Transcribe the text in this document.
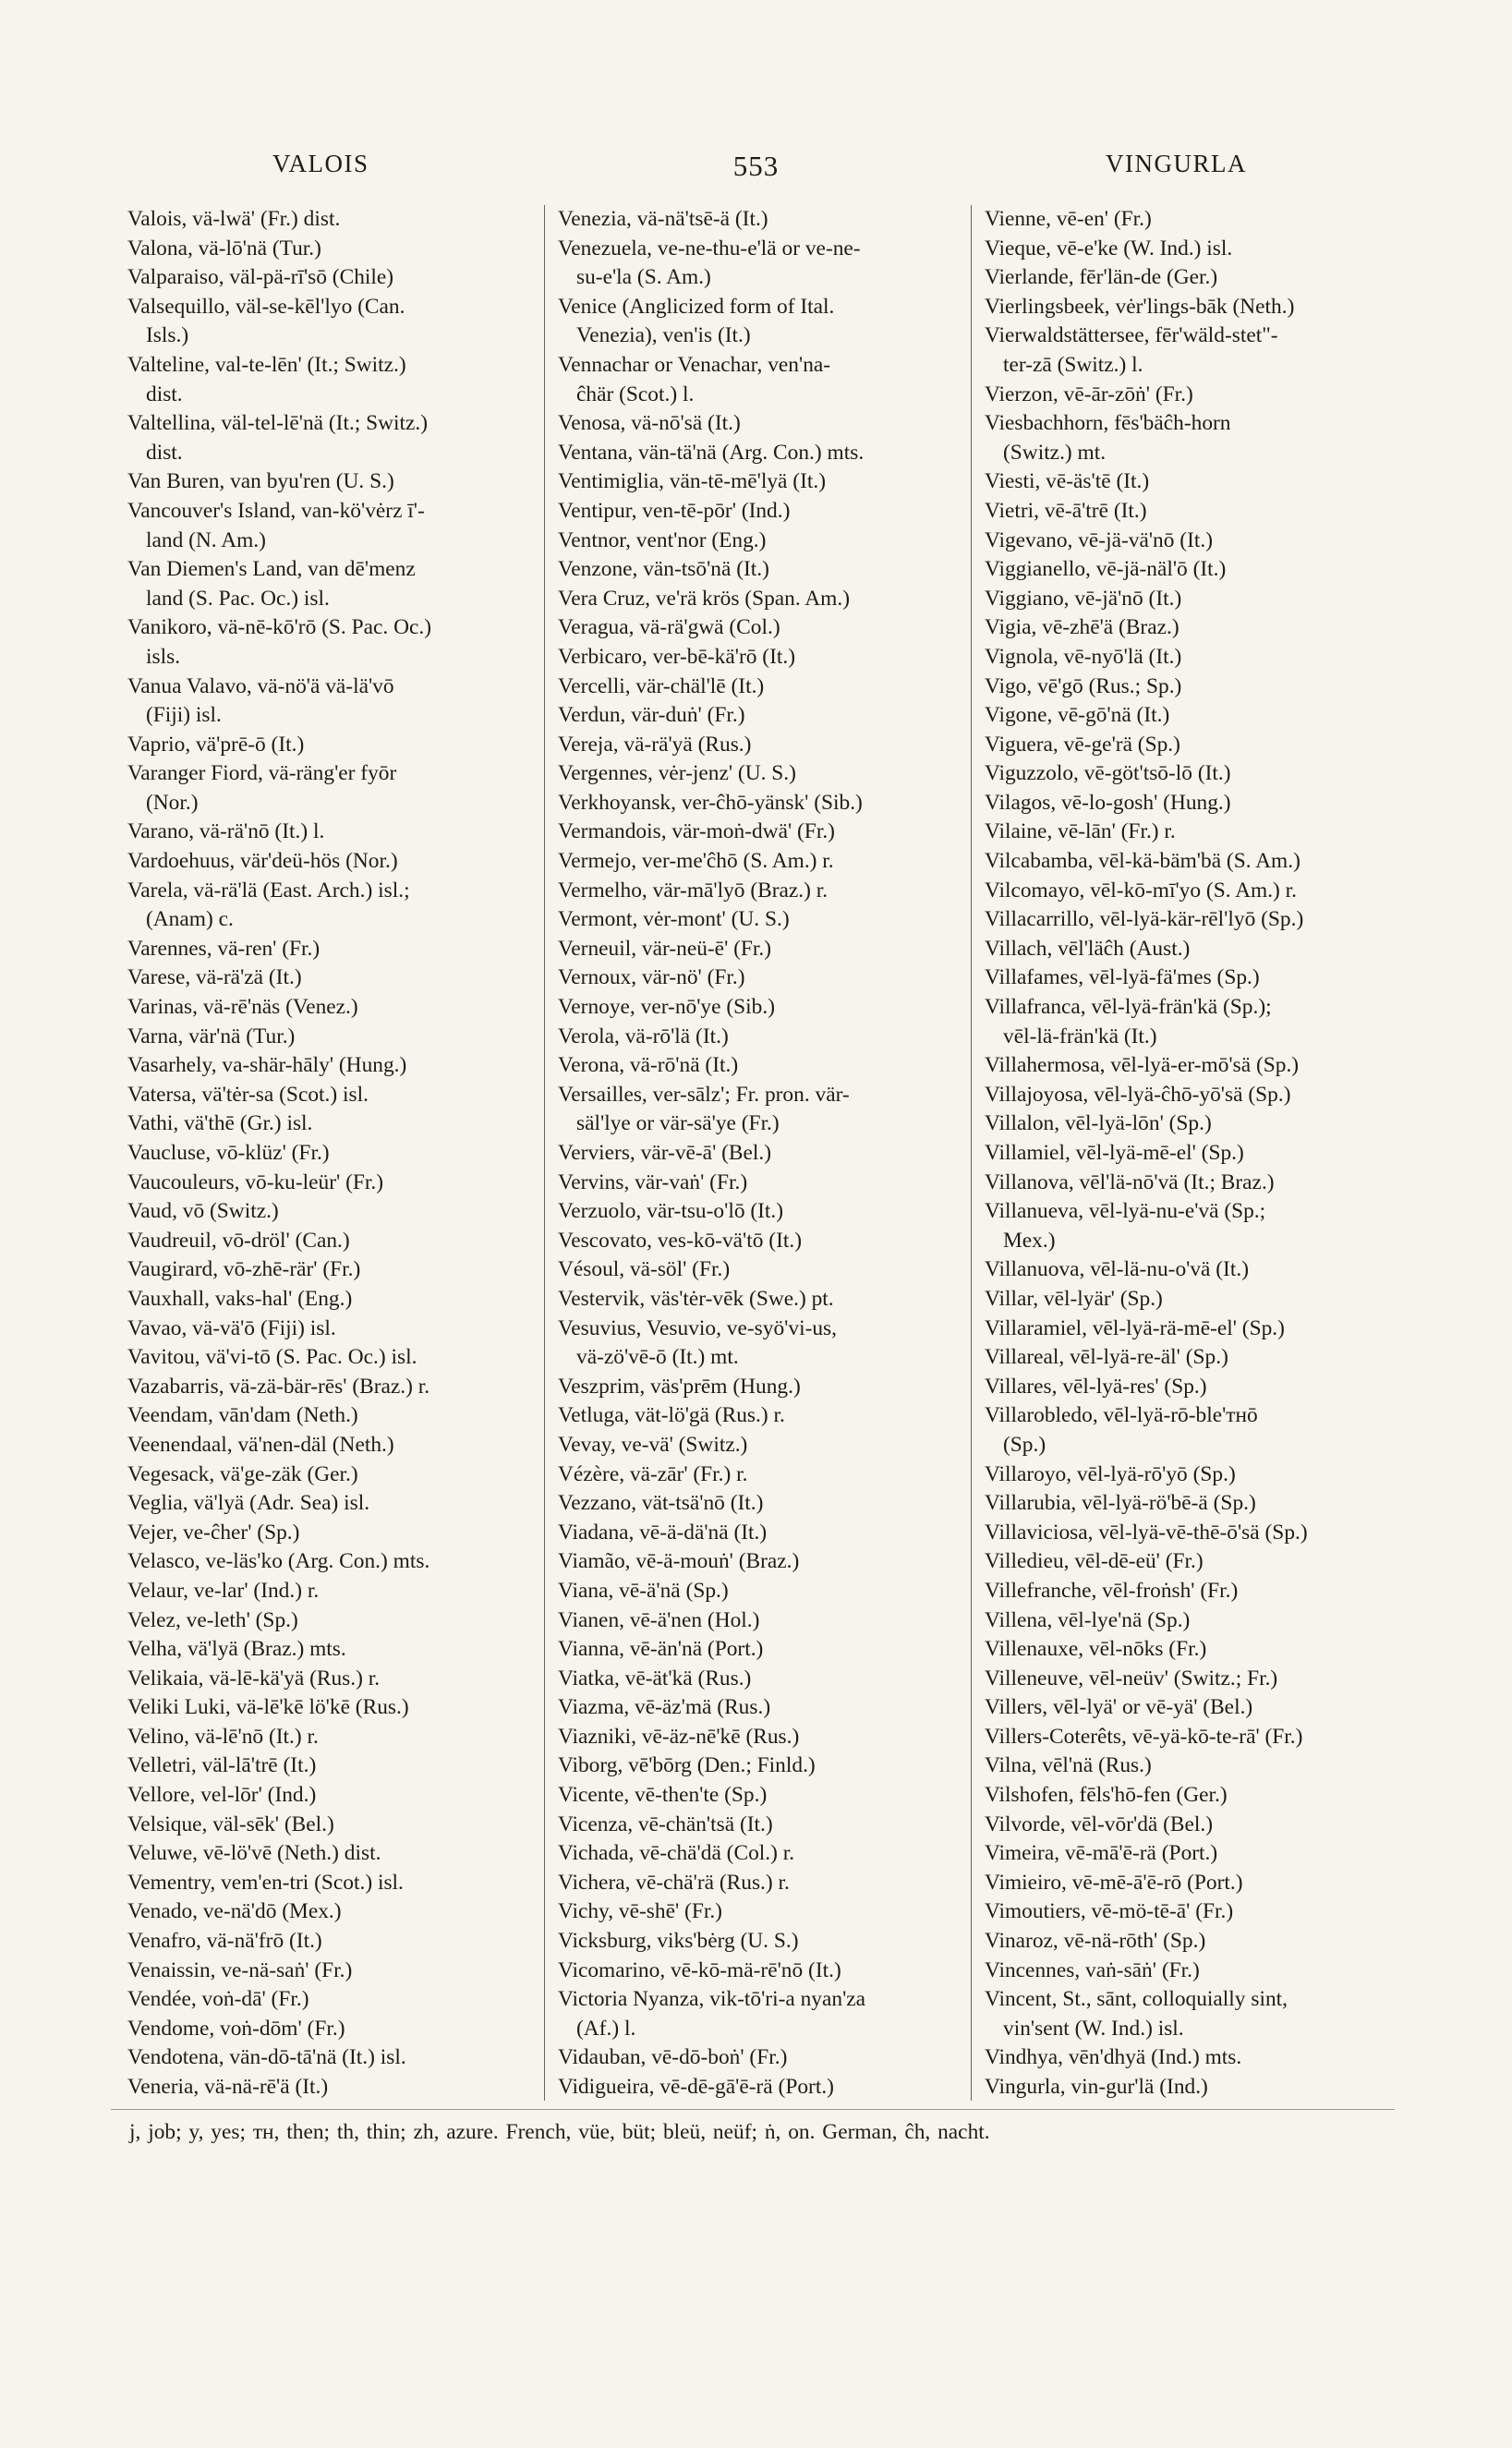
VALOIS	553	VINGURLA
Valois, vä-lwä' (Fr.) dist.
Valona, vä-lō'nä (Tur.)
Valparaiso, väl-pä-rī'sō (Chile)
Valsequillo, väl-se-kēl'lyo (Can.
Isls.)
Valteline, val-te-lēn' (It.; Switz.)
dist.
Valtellina, väl-tel-lē'nä (It.; Switz.)
dist.
Van Buren, van byu'ren (U. S.)
Vancouver's Island, van-kö'vėrz ī'-
land (N. Am.)
Van Diemen's Land, van dē'menz
land (S. Pac. Oc.) isl.
Vanikoro, vä-nē-kō'rō (S. Pac. Oc.)
isls.
Vanua Valavo, vä-nö'ä vä-lä'vō
(Fiji) isl.
Vaprio, vä'prē-ō (It.)
Varanger Fiord, vä-räng'er fyōr
(Nor.)
Varano, vä-rä'nō (It.) l.
Vardoehuus, vär'deü-hös (Nor.)
Varela, vä-rä'lä (East. Arch.) isl.;
(Anam) c.
Varennes, vä-ren' (Fr.)
Varese, vä-rä'zä (It.)
Varinas, vä-rē'näs (Venez.)
Varna, vär'nä (Tur.)
Vasarhely, va-shär-hāly' (Hung.)
Vatersa, vä'tėr-sa (Scot.) isl.
Vathi, vä'thē (Gr.) isl.
Vaucluse, vō-klüz' (Fr.)
Vaucouleurs, vō-ku-leür' (Fr.)
Vaud, vō (Switz.)
Vaudreuil, vō-dröl' (Can.)
Vaugirard, vō-zhē-rär' (Fr.)
Vauxhall, vaks-hal' (Eng.)
Vavao, vä-vä'ō (Fiji) isl.
Vavitou, vä'vi-tō (S. Pac. Oc.) isl.
Vazabarris, vä-zä-bär-rēs' (Braz.) r.
Veendam, vān'dam (Neth.)
Veenendaal, vä'nen-däl (Neth.)
Vegesack, vä'ge-zäk (Ger.)
Veglia, vä'lyä (Adr. Sea) isl.
Vejer, ve-ĉher' (Sp.)
Velasco, ve-läs'ko (Arg. Con.) mts.
Velaur, ve-lar' (Ind.) r.
Velez, ve-leth' (Sp.)
Velha, vä'lyä (Braz.) mts.
Velikaia, vä-lē-kä'yä (Rus.) r.
Veliki Luki, vä-lē'kē lö'kē (Rus.)
Velino, vä-lē'nō (It.) r.
Velletri, väl-lā'trē (It.)
Vellore, vel-lōr' (Ind.)
Velsique, väl-sēk' (Bel.)
Veluwe, vē-lö'vē (Neth.) dist.
Vementry, vem'en-tri (Scot.) isl.
Venado, ve-nä'dō (Mex.)
Venafro, vä-nä'frō (It.)
Venaissin, ve-nä-saṅ' (Fr.)
Vendée, voṅ-dā' (Fr.)
Vendome, voṅ-dōm' (Fr.)
Vendotena, vän-dō-tā'nä (It.) isl.
Veneria, vä-nä-rē'ä (It.)
Venezia, vä-nä'tsē-ä (It.)
Venezuela, ve-ne-thu-e'lä or ve-ne-
su-e'la (S. Am.)
Venice (Anglicized form of Ital.
Venezia), ven'is (It.)
Vennachar or Venachar, ven'na-
ĉhär (Scot.) l.
Venosa, vä-nō'sä (It.)
Ventana, vän-tä'nä (Arg. Con.) mts.
Ventimiglia, vän-tē-mē'lyä (It.)
Ventipur, ven-tē-pōr' (Ind.)
Ventnor, vent'nor (Eng.)
Venzone, vän-tsō'nä (It.)
Vera Cruz, ve'rä krös (Span. Am.)
Veragua, vä-rä'gwä (Col.)
Verbicaro, ver-bē-kä'rō (It.)
Vercelli, vär-chäl'lē (It.)
Verdun, vär-duṅ' (Fr.)
Vereja, vä-rä'yä (Rus.)
Vergennes, vėr-jenz' (U. S.)
Verkhoyansk, ver-ĉhō-yänsk' (Sib.)
Vermandois, vär-moṅ-dwä' (Fr.)
Vermejo, ver-me'ĉhō (S. Am.) r.
Vermelho, vär-mā'lyō (Braz.) r.
Vermont, vėr-mont' (U. S.)
Verneuil, vär-neü-ē' (Fr.)
Vernoux, vär-nö' (Fr.)
Vernoye, ver-nō'ye (Sib.)
Verola, vä-rō'lä (It.)
Verona, vä-rō'nä (It.)
Versailles, ver-sālz'; Fr. pron. vär-
säl'lye or vär-sä'ye (Fr.)
Verviers, vär-vē-ā' (Bel.)
Vervins, vär-vaṅ' (Fr.)
Verzuolo, vär-tsu-o'lō (It.)
Vescovato, ves-kō-vä'tō (It.)
Vésoul, vä-söl' (Fr.)
Vestervik, väs'tėr-vēk (Swe.) pt.
Vesuvius, Vesuvio, ve-syö'vi-us,
vä-zö'vē-ō (It.) mt.
Veszprim, väs'prēm (Hung.)
Vetluga, vät-lö'gä (Rus.) r.
Vevay, ve-vä' (Switz.)
Vézère, vä-zār' (Fr.) r.
Vezzano, vät-tsä'nō (It.)
Viadana, vē-ä-dä'nä (It.)
Viamão, vē-ä-mouṅ' (Braz.)
Viana, vē-ä'nä (Sp.)
Vianen, vē-ä'nen (Hol.)
Vianna, vē-än'nä (Port.)
Viatka, vē-ät'kä (Rus.)
Viazma, vē-äz'mä (Rus.)
Viazniki, vē-äz-nē'kē (Rus.)
Viborg, vē'bōrg (Den.; Finld.)
Vicente, vē-then'te (Sp.)
Vicenza, vē-chän'tsä (It.)
Vichada, vē-chä'dä (Col.) r.
Vichera, vē-chä'rä (Rus.) r.
Vichy, vē-shē' (Fr.)
Vicksburg, viks'bėrg (U. S.)
Vicomarino, vē-kō-mä-rē'nō (It.)
Victoria Nyanza, vik-tō'ri-a nyan'za
(Af.) l.
Vidauban, vē-dō-boṅ' (Fr.)
Vidigueira, vē-dē-gā'ē-rä (Port.)
Vienne, vē-en' (Fr.)
Vieque, vē-e'ke (W. Ind.) isl.
Vierlande, fēr'län-de (Ger.)
Vierlingsbeek, vėr'lings-bāk (Neth.)
Vierwaldstättersee, fēr'wäld-stet"-
ter-zā (Switz.) l.
Vierzon, vē-ār-zōṅ' (Fr.)
Viesbachhorn, fēs'bäĉh-horn
(Switz.) mt.
Viesti, vē-äs'tē (It.)
Vietri, vē-ā'trē (It.)
Vigevano, vē-jä-vä'nō (It.)
Viggianello, vē-jä-näl'ō (It.)
Viggiano, vē-jä'nō (It.)
Vigia, vē-zhē'ä (Braz.)
Vignola, vē-nyō'lä (It.)
Vigo, vē'gō (Rus.; Sp.)
Vigone, vē-gō'nä (It.)
Viguera, vē-ge'rä (Sp.)
Viguzzolo, vē-göt'tsō-lō (It.)
Vilagos, vē-lo-gosh' (Hung.)
Vilaine, vē-lān' (Fr.) r.
Vilcabamba, vēl-kä-bäm'bä (S. Am.)
Vilcomayo, vēl-kō-mī'yo (S. Am.) r.
Villacarrillo, vēl-lyä-kär-rēl'lyō (Sp.)
Villach, vēl'läĉh (Aust.)
Villafames, vēl-lyä-fä'mes (Sp.)
Villafranca, vēl-lyä-frän'kä (Sp.);
vēl-lä-frän'kä (It.)
Villahermosa, vēl-lyä-er-mō'sä (Sp.)
Villajoyosa, vēl-lyä-ĉhō-yō'sä (Sp.)
Villalon, vēl-lyä-lōn' (Sp.)
Villamiel, vēl-lyä-mē-el' (Sp.)
Villanova, vēl'lä-nō'vä (It.; Braz.)
Villanueva, vēl-lyä-nu-e'vä (Sp.;
Mex.)
Villanuova, vēl-lä-nu-o'vä (It.)
Villar, vēl-lyär' (Sp.)
Villaramiel, vēl-lyä-rä-mē-el' (Sp.)
Villareal, vēl-lyä-re-äl' (Sp.)
Villares, vēl-lyä-res' (Sp.)
Villarobledo, vēl-lyä-rō-ble'ᴛʜō
(Sp.)
Villaroyo, vēl-lyä-rō'yō (Sp.)
Villarubia, vēl-lyä-rö'bē-ä (Sp.)
Villaviciosa, vēl-lyä-vē-thē-ō'sä (Sp.)
Villedieu, vēl-dē-eü' (Fr.)
Villefranche, vēl-froṅsh' (Fr.)
Villena, vēl-lye'nä (Sp.)
Villenauxe, vēl-nōks (Fr.)
Villeneuve, vēl-neüv' (Switz.; Fr.)
Villers, vēl-lyä' or vē-yä' (Bel.)
Villers-Coterêts, vē-yä-kō-te-rā' (Fr.)
Vilna, vēl'nä (Rus.)
Vilshofen, fēls'hō-fen (Ger.)
Vilvorde, vēl-vōr'dä (Bel.)
Vimeira, vē-mā'ē-rä (Port.)
Vimieiro, vē-mē-ā'ē-rō (Port.)
Vimoutiers, vē-mö-tē-ā' (Fr.)
Vinaroz, vē-nä-rōth' (Sp.)
Vincennes, vaṅ-sāṅ' (Fr.)
Vincent, St., sānt, colloquially sint,
vin'sent (W. Ind.) isl.
Vindhya, vēn'dhyä (Ind.) mts.
Vingurla, vin-gur'lä (Ind.)
j, job; y, yes; ᴛʜ, then; th, thin; zh, azure. French, vüe, büt; bleü, neüf; ṅ, on. German, ĉh, nacht.
